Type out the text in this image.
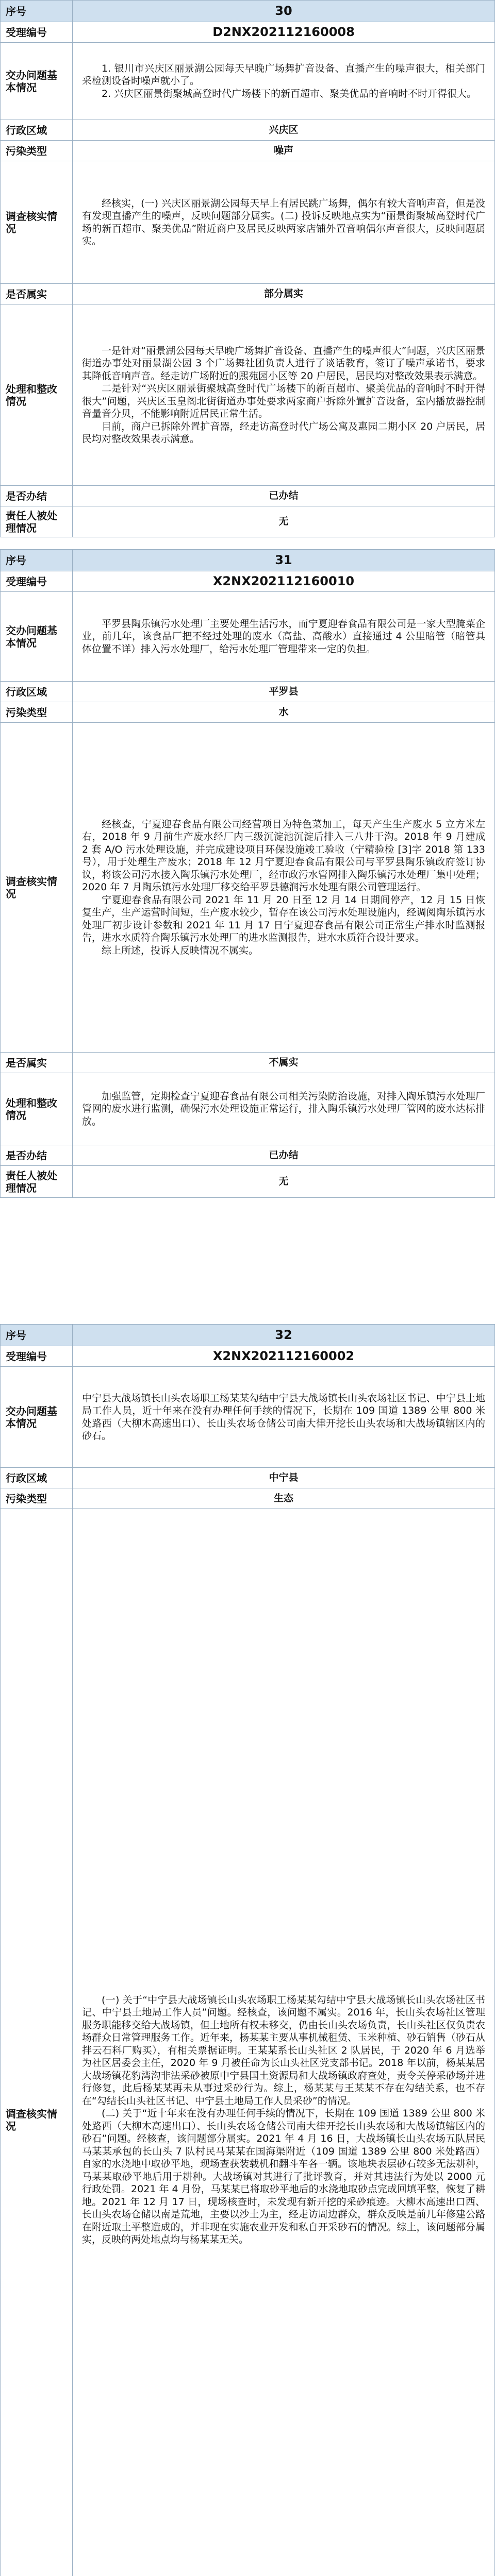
序号	30
受理编号	D2NX202112160008
交办问题基本情况	1. 银川市兴庆区丽景湖公园每天早晚广场舞扩音设备、直播产生的噪声很大，相关部门采检测设备时噪声就小了。

2. 兴庆区丽景街聚城高登时代广场楼下的新百超市、聚美优品的音响时不时开得很大。

行政区域	兴庆区
污染类型	噪声
调查核实情况	经核实，(一) 兴庆区丽景湖公园每天早上有居民跳广场舞，偶尔有较大音响声音，但是没有发现直播产生的噪声，反映问题部分属实。(二) 投诉反映地点实为“丽景街聚城高登时代广场的新百超市、聚美优品”附近商户及居民反映两家店铺外置音响偶尔声音很大，反映问题属实。

是否属实	部分属实
处理和整改情况	一是针对“丽景湖公园每天早晚广场舞扩音设备、直播产生的噪声很大”问题，兴庆区丽景街道办事处对丽景湖公园 3 个广场舞社团负责人进行了谈话教育，签订了噪声承诺书，要求其降低音响声音。经走访广场附近的熙苑园小区等 20 户居民，居民均对整改效果表示满意。

二是针对“兴庆区丽景街聚城高登时代广场楼下的新百超市、聚美优品的音响时不时开得很大”问题，兴庆区玉皇阁北街街道办事处要求两家商户拆除外置扩音设备，室内播放器控制音量音分贝，不能影响附近居民正常生活。

目前，商户已拆除外置扩音器，经走访高登时代广场公寓及惠园二期小区 20 户居民，居民均对整改效果表示满意。

是否办结	已办结
责任人被处理情况	无
序号	31
受理编号	X2NX202112160010
交办问题基本情况	平罗县陶乐镇污水处理厂主要处理生活污水，而宁夏迎春食品有限公司是一家大型腌菜企业，前几年，该食品厂把不经过处理的废水（高盐、高酸水）直接通过 4 公里暗管（暗管具体位置不详）排入污水处理厂，给污水处理厂管理带来一定的负担。

行政区域	平罗县
污染类型	水
调查核实情况	经核查，宁夏迎春食品有限公司经营项目为特色菜加工，每天产生生产废水 5 立方米左右，2018 年 9 月前生产废水经厂内三级沉淀池沉淀后排入三八井干沟。2018 年 9 月建成 2 套 A/O 污水处理设施，并完成建设项目环保设施竣工验收（宁精验检 [3]字 2018 第 133 号），用于处理生产废水；2018 年 12 月宁夏迎春食品有限公司与平罗县陶乐镇政府签订协议，将该公司污水接入陶乐镇污水处理厂，经市政污水管网排入陶乐镇污水处理厂集中处理；2020 年 7 月陶乐镇污水处理厂移交给平罗县德润污水处理有限公司管理运行。

宁夏迎春食品有限公司 2021 年 11 月 20 日至 12 月 14 日期间停产，12 月 15 日恢复生产，生产运营时间短，生产废水较少，暂存在该公司污水处理设施内，经调阅陶乐镇污水处理厂初步设计参数和 2021 年 11 月 17 日宁夏迎春食品有限公司正常生产排水时监测报告，进水水质符合陶乐镇污水处理厂的进水监测报告，进水水质符合设计要求。

综上所述，投诉人反映情况不属实。

是否属实	不属实
处理和整改情况	加强监管，定期检查宁夏迎春食品有限公司相关污染防治设施，对排入陶乐镇污水处理厂管网的废水进行监测，确保污水处理设施正常运行，排入陶乐镇污水处理厂管网的废水达标排放。

是否办结	已办结
责任人被处理情况	无
序号	32
受理编号	X2NX202112160002
交办问题基本情况	中宁县大战场镇长山头农场职工杨某某勾结中宁县大战场镇长山头农场社区书记、中宁县土地局工作人员，近十年来在没有办理任何手续的情况下，长期在 109 国道 1389 公里 800 米处路西（大柳木高速出口）、长山头农场仓储公司南大律开挖长山头农场和大战场镇辖区内的砂石。

行政区域	中宁县
污染类型	生态
调查核实情况	(一) 关于“中宁县大战场镇长山头农场职工杨某某勾结中宁县大战场镇长山头农场社区书记、中宁县土地局工作人员”问题。经核查，该问题不属实。2016 年，长山头农场社区管理服务职能移交给大战场镇，但土地所有权未移交，仍由长山头农场负责，长山头社区仅负责农场群众日常管理服务工作。近年来，杨某某主要从事机械租赁、玉米种植、砂石销售（砂石从拌云石料厂购买），有相关票据证明。王某某系长山头社区 2 队居民，于 2020 年 6 月选举为社区居委会主任，2020 年 9 月被任命为长山头社区党支部书记。2018 年以前，杨某某居大战场镇花豹湾沟非法采砂被原中宁县国土资源局和大战场镇政府查处，责令关停采砂场并进行修复，此后杨某某再未从事过采砂行为。综上，杨某某与王某某不存在勾结关系，也不存在“勾结长山头社区书记、中宁县土地局工作人员采砂”的情况。

(二) 关于“近十年来在没有办理任何手续的情况下，长期在 109 国道 1389 公里 800 米处路西（大柳木高速出口）、长山头农场仓储公司南大律开挖长山头农场和大战场镇辖区内的砂石”问题。经核查，该问题部分属实。2021 年 4 月 16 日，大战场镇长山头农场五队居民马某某承包的长山头 7 队村民马某某在国海渠附近（109 国道 1389 公里 800 米处路西）自家的水浇地中取砂平地，现场查获装载机和翻斗车各一辆。该地块表层砂石较多无法耕种，马某某取砂平地后用于耕种。大战场镇对其进行了批评教育，并对其违法行为处以 2000 元行政处罚。2021 年 4 月份，马某某已将取砂平地后的水浇地取砂点完成回填平整，恢复了耕地。2021 年 12 月 17 日，现场核查时，未发现有新开挖的采砂痕迹。大柳木高速出口西、长山头农场仓储以南是荒地，主要以沙土为主，经走访周边群众，群众反映是前几年修建公路在附近取土平整造成的，并非现在实施农业开发和私自开采砂石的情况。综上，该问题部分属实，反映的两处地点均与杨某某无关。
